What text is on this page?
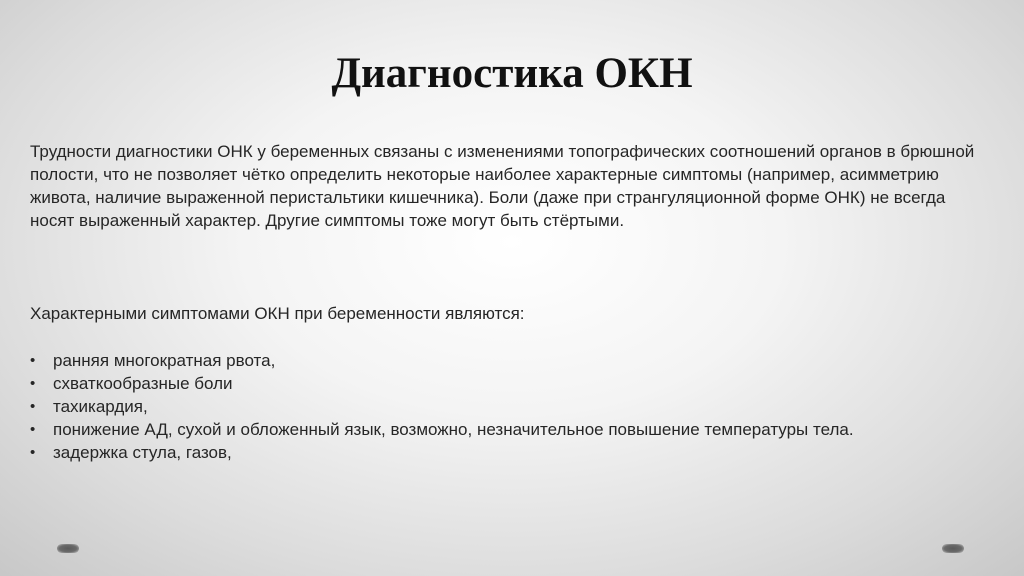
Диагностика ОКН

Трудности диагностики ОНК у беременных связаны с изменениями топографических соотношений органов в брюшной полости, что не позволяет чётко определить некоторые наиболее характерные симптомы (например, асимметрию живота, наличие выраженной перистальтики кишечника). Боли (даже при странгуляционной форме ОНК) не всегда носят выраженный характер. Другие симптомы тоже могут быть стёртыми.

Характерными симптомами ОКН при беременности являются:

• ранняя многократная рвота,
• схваткообразные боли
• тахикардия,
• понижение АД, сухой и обложенный язык, возможно, незначительное повышение температуры тела.
• задержка стула, газов,
